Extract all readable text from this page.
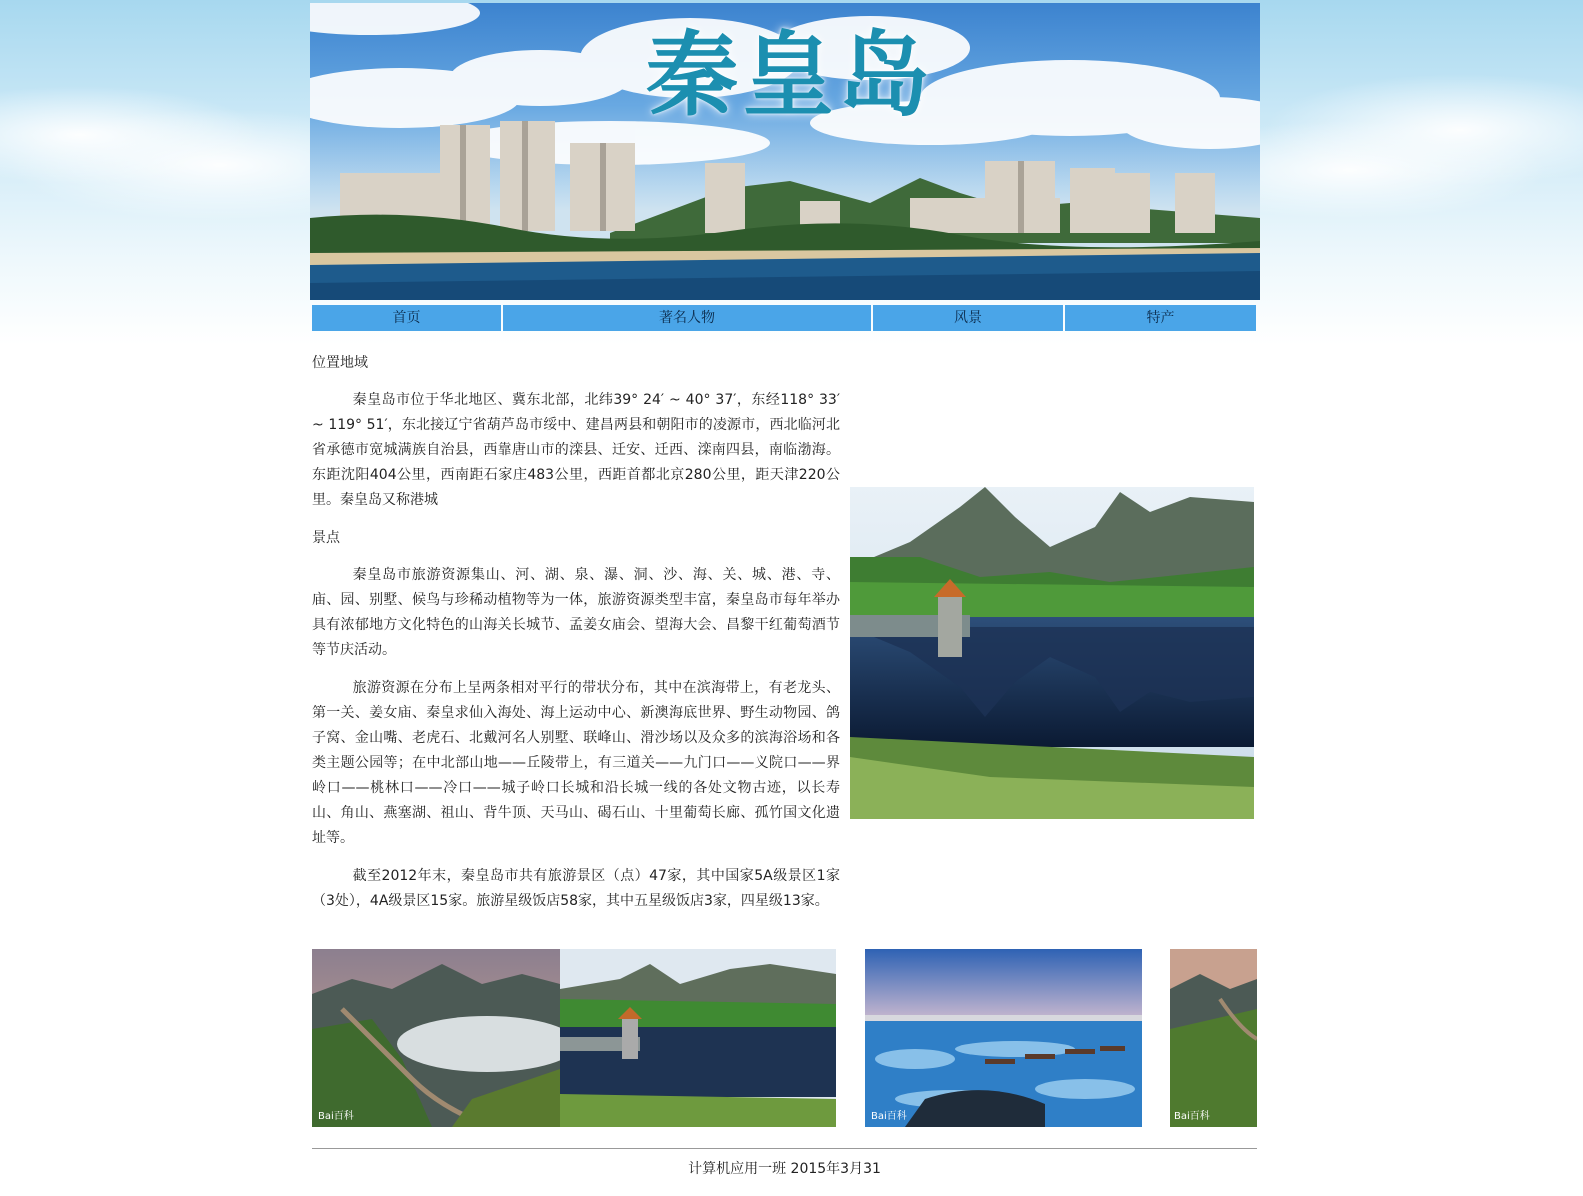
秦皇岛
首页	著名人物	风景	特产

位置地域

秦皇岛市位于华北地区、冀东北部，北纬39° 24′ ~ 40° 37′，东经118° 33′ ~ 119° 51′，东北接辽宁省葫芦岛市绥中、建昌两县和朝阳市的凌源市，西北临河北省承德市宽城满族自治县，西靠唐山市的滦县、迁安、迁西、滦南四县，南临渤海。东距沈阳404公里，西南距石家庄483公里，西距首都北京280公里，距天津220公里。秦皇岛又称港城

景点

秦皇岛市旅游资源集山、河、湖、泉、瀑、洞、沙、海、关、城、港、寺、庙、园、别墅、候鸟与珍稀动植物等为一体，旅游资源类型丰富，秦皇岛市每年举办具有浓郁地方文化特色的山海关长城节、孟姜女庙会、望海大会、昌黎干红葡萄酒节等节庆活动。

旅游资源在分布上呈两条相对平行的带状分布，其中在滨海带上，有老龙头、第一关、姜女庙、秦皇求仙入海处、海上运动中心、新澳海底世界、野生动物园、鸽子窝、金山嘴、老虎石、北戴河名人别墅、联峰山、滑沙场以及众多的滨海浴场和各类主题公园等；在中北部山地——丘陵带上，有三道关——九门口——义院口——界岭口——桃林口——冷口——城子岭口长城和沿长城一线的各处文物古迹，以长寿山、角山、燕塞湖、祖山、背牛顶、天马山、碣石山、十里葡萄长廊、孤竹国文化遗址等。

截至2012年末，秦皇岛市共有旅游景区（点）47家，其中国家5A级景区1家（3处），4A级景区15家。旅游星级饭店58家，其中五星级饭店3家，四星级13家。

Bai百科	Bai百科	Bai百科
计算机应用一班 2015年3月31
